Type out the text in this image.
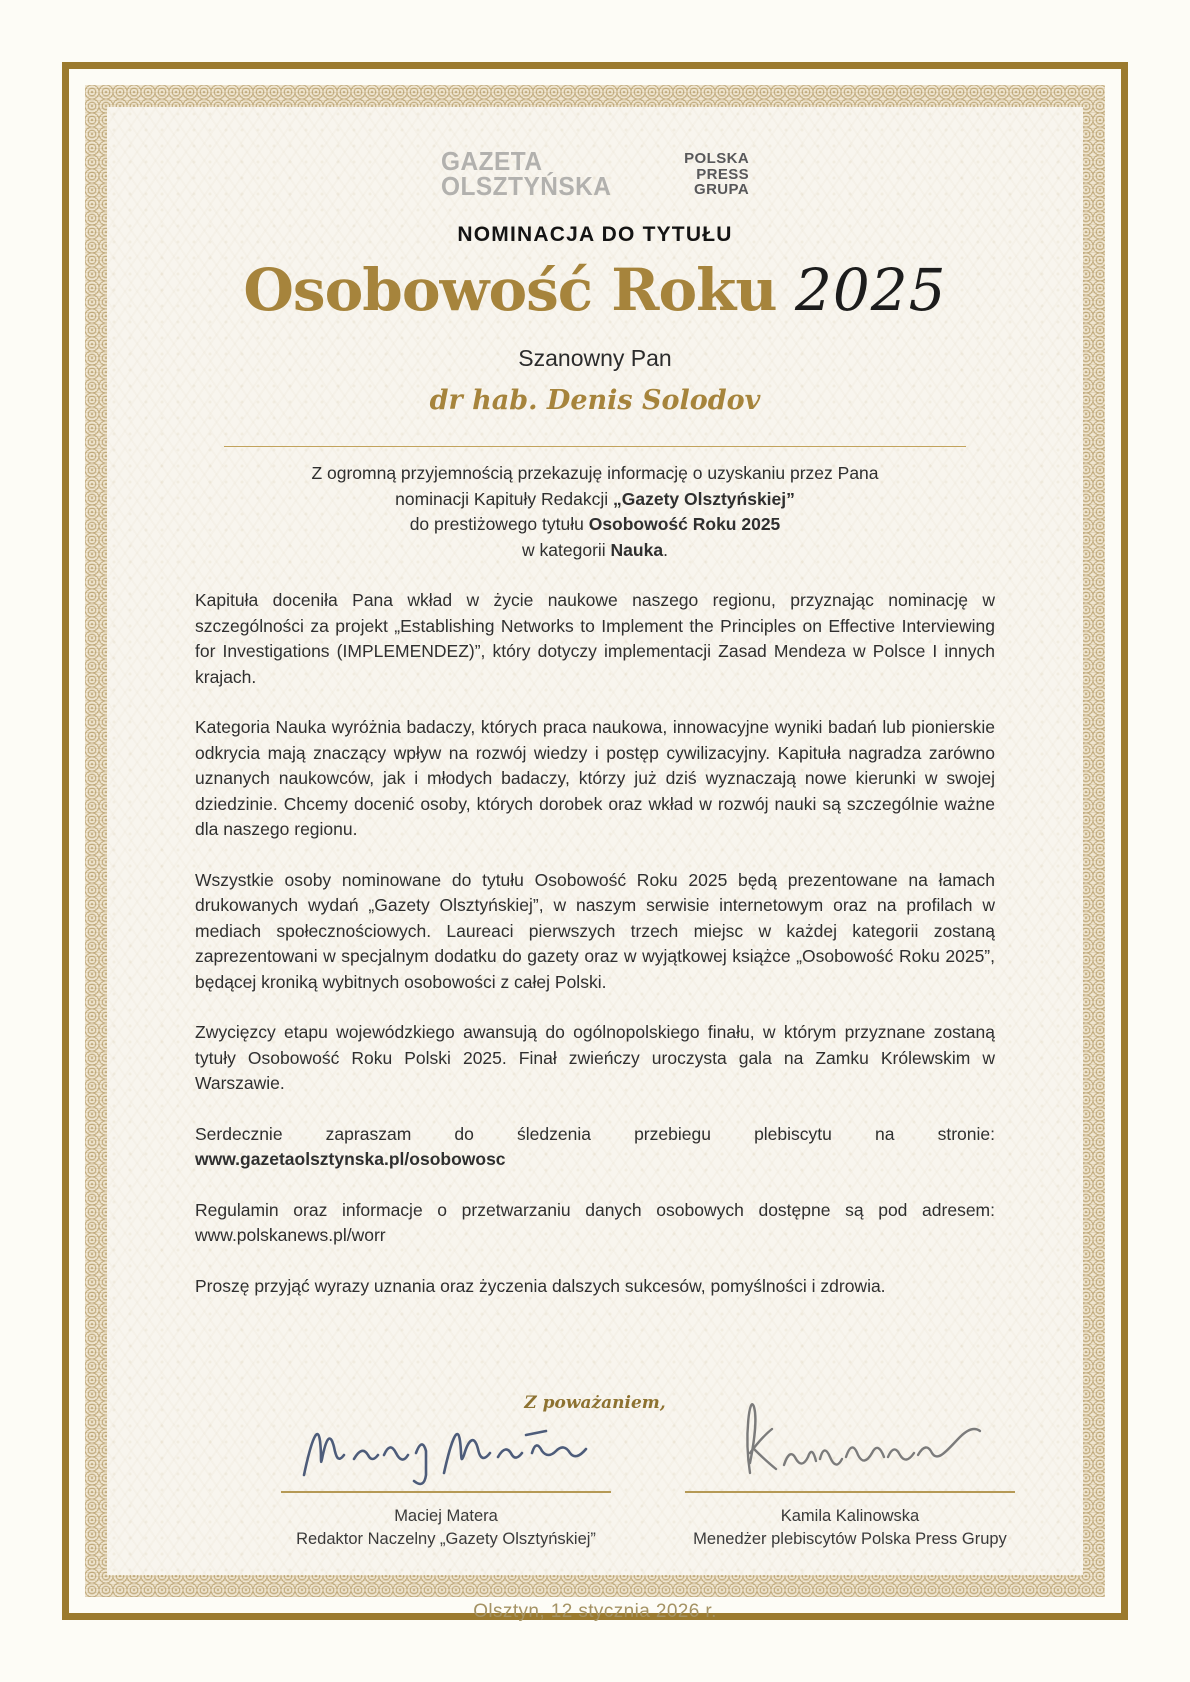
GAZETA
OLSZTYŃSKA
POLSKA
PRESS
GRUPA
NOMINACJA DO TYTUŁU
Osobowość Roku 2025
Szanowny Pan
dr hab. Denis Solodov
Z ogromną przyjemnością przekazuję informację o uzyskaniu przez Pana
nominacji Kapituły Redakcji „Gazety Olsztyńskiej”
do prestiżowego tytułu Osobowość Roku 2025
w kategorii Nauka.

Kapituła doceniła Pana wkład w życie naukowe naszego regionu, przyznając nominację w szczególności za projekt „Establishing Networks to Implement the Principles on Effective Interviewing for Investigations (IMPLEMENDEZ)”, który dotyczy implementacji Zasad Mendeza w Polsce I innych krajach.

Kategoria Nauka wyróżnia badaczy, których praca naukowa, innowacyjne wyniki badań lub pionierskie odkrycia mają znaczący wpływ na rozwój wiedzy i postęp cywilizacyjny. Kapituła nagradza zarówno uznanych naukowców, jak i młodych badaczy, którzy już dziś wyznaczają nowe kierunki w swojej dziedzinie. Chcemy docenić osoby, których dorobek oraz wkład w rozwój nauki są szczególnie ważne dla naszego regionu.

Wszystkie osoby nominowane do tytułu Osobowość Roku 2025 będą prezentowane na łamach drukowanych wydań „Gazety Olsztyńskiej”, w naszym serwisie internetowym oraz na profilach w mediach społecznościowych. Laureaci pierwszych trzech miejsc w każdej kategorii zostaną zaprezentowani w specjalnym dodatku do gazety oraz w wyjątkowej książce „Osobowość Roku 2025”, będącej kroniką wybitnych osobowości z całej Polski.

Zwycięzcy etapu wojewódzkiego awansują do ogólnopolskiego finału, w którym przyznane zostaną tytuły Osobowość Roku Polski 2025. Finał zwieńczy uroczysta gala na Zamku Królewskim w Warszawie.

Serdecznie zapraszam do śledzenia przebiegu plebiscytu na stronie:
www.gazetaolsztynska.pl/osobowosc

Regulamin oraz informacje o przetwarzaniu danych osobowych dostępne są pod adresem: www.polskanews.pl/worr

Proszę przyjąć wyrazy uznania oraz życzenia dalszych sukcesów, pomyślności i zdrowia.

Z poważaniem,
Maciej Matera
Redaktor Naczelny „Gazety Olsztyńskiej”
Kamila Kalinowska
Menedżer plebiscytów Polska Press Grupy
Olsztyn, 12 stycznia 2026 r.
